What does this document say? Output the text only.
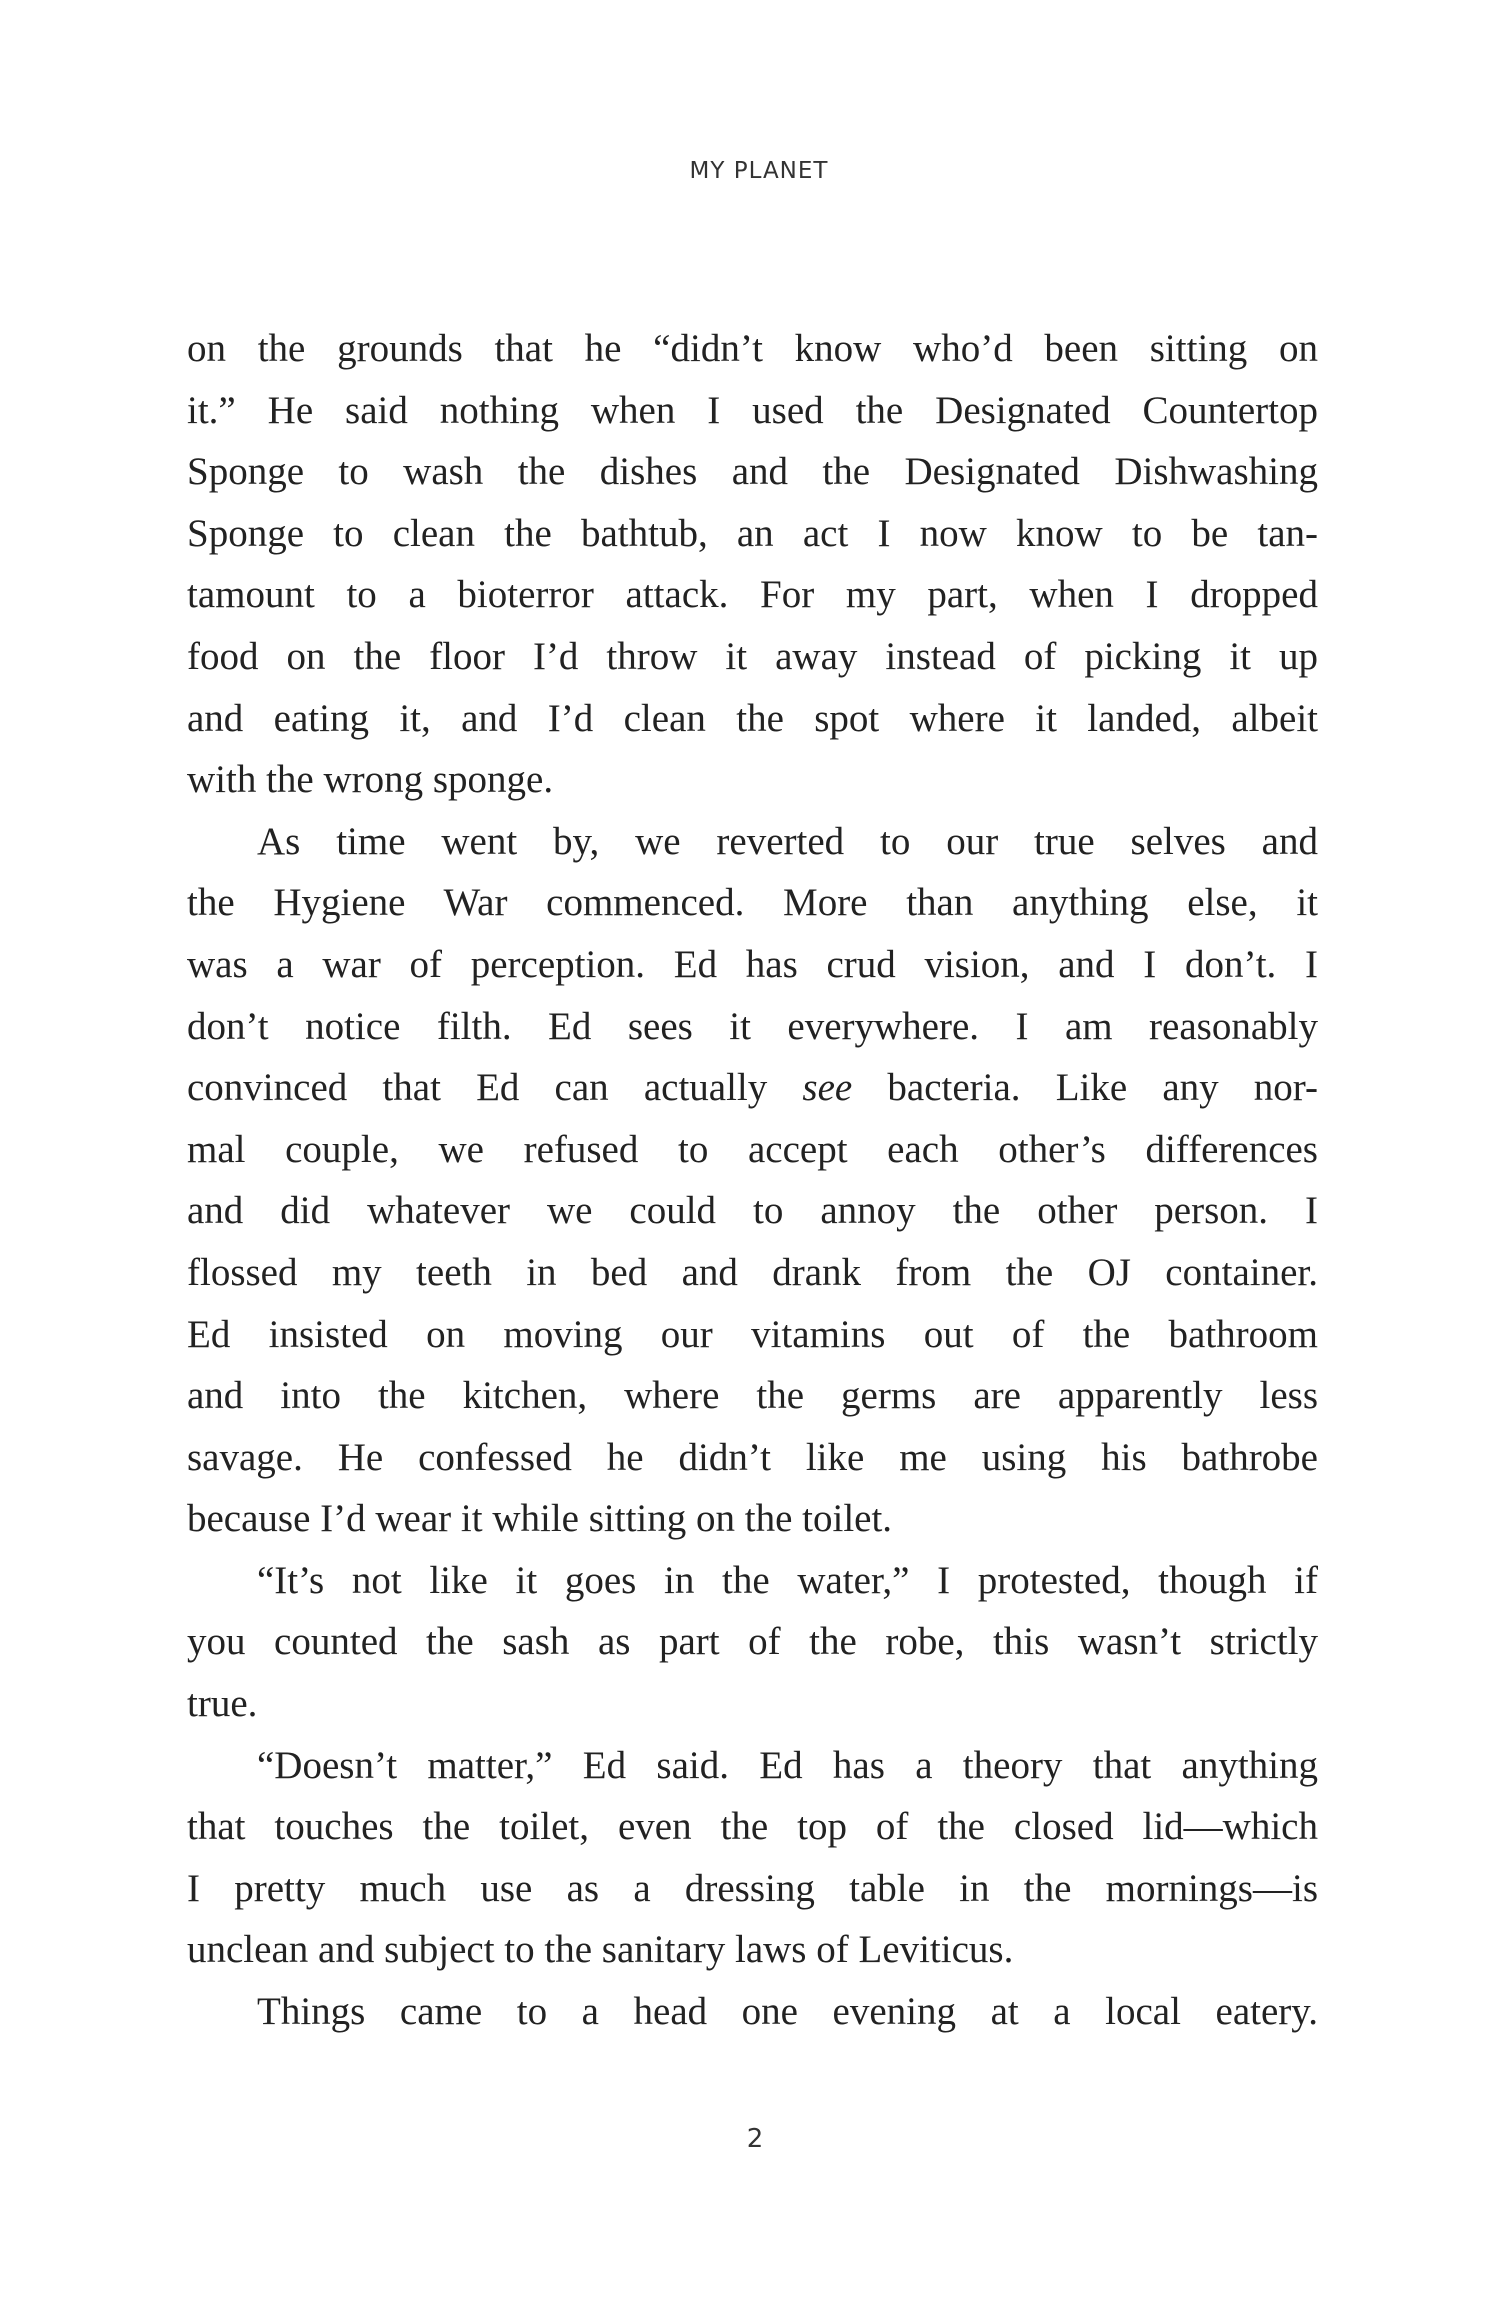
MY PLANET
on the grounds that he “didn’t know who’d been sitting on
it.” He said nothing when I used the Designated Countertop
Sponge to wash the dishes and the Designated Dishwashing
Sponge to clean the bathtub, an act I now know to be tan-
tamount to a bioterror attack. For my part, when I dropped
food on the floor I’d throw it away instead of picking it up
and eating it, and I’d clean the spot where it landed, albeit
with the wrong sponge.
As time went by, we reverted to our true selves and
the Hygiene War commenced. More than anything else, it
was a war of perception. Ed has crud vision, and I don’t. I
don’t notice filth. Ed sees it everywhere. I am reasonably
convinced that Ed can actually see bacteria. Like any nor-
mal couple, we refused to accept each other’s differences
and did whatever we could to annoy the other person. I
flossed my teeth in bed and drank from the OJ container.
Ed insisted on moving our vitamins out of the bathroom
and into the kitchen, where the germs are apparently less
savage. He confessed he didn’t like me using his bathrobe
because I’d wear it while sitting on the toilet.
“It’s not like it goes in the water,” I protested, though if
you counted the sash as part of the robe, this wasn’t strictly
true.
“Doesn’t matter,” Ed said. Ed has a theory that anything
that touches the toilet, even the top of the closed lid—which
I pretty much use as a dressing table in the mornings—is
unclean and subject to the sanitary laws of Leviticus.
Things came to a head one evening at a local eatery.
2
